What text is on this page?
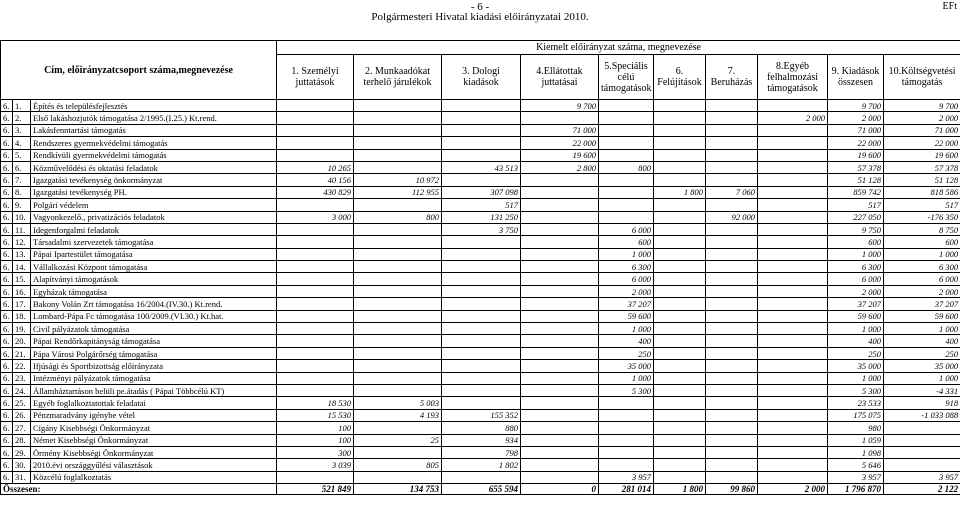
- 6 -
Polgármesteri Hivatal kiadási előirányzatai 2010.
EFt
Cím, előirányzatcsoport száma,megnevezése			Kiemelt előirányzat száma, megnevezése									
			1. Személyi juttatások	2. Munkaadókat terhelő járulékok	3. Dologi kiadások	4.Ellátottak juttatásai	5.Speciális célú támogatások	6. Felújítások	7. Beruházás	8.Egyéb felhalmozási támogatások	9. Kiadások összesen	10.Költségvetési támogatás
6.	1.	Építés és településfejlesztés				9 700					9 700	9 700
6.	2.	Első lakáshozjutók támogatása 2/1995.(I.25.) Kt.rend.								2 000	2 000	2 000
6.	3.	Lakásfenntartási támogatás				71 000					71 000	71 000
6.	4.	Rendszeres gyermekvédelmi támogatás				22 000					22 000	22 000
6.	5.	Rendkívüli gyermekvédelmi támogatás				19 600					19 600	19 600
6.	6.	Közművelődési és oktatási feladatok	10 265		43 513	2 800	800				57 378	57 378
6.	7.	Igazgatási tevékenység önkormányzat	40 156	10 972							51 128	51 128
6.	8.	Igazgatási tevékenység PH.	430 829	112 955	307 098			1 800	7 060		859 742	818 586
6.	9.	Polgári védelem			517						517	517
6.	10.	Vagyonkezelő., privatizációs feladatok	3 000	800	131 250				92 000		227 050	-176 350
6.	11.	Idegenforgalmi feladatok			3 750		6 000				9 750	8 750
6.	12.	Társadalmi szervezetek támogatása					600				600	600
6.	13.	Pápai Ipartestület támogatása					1 000				1 000	1 000
6.	14.	Vállalkozási Központ támogatása					6 300				6 300	6 300
6.	15.	Alapítványi támogatások					6 000				6 000	6 000
6.	16.	Egyházak támogatása					2 000				2 000	2 000
6.	17.	Bakony Volán Zrt támogatása 16/2004.(IV.30.) Kt.rend.					37 207				37 207	37 207
6.	18.	Lombard-Pápa Fc támogatása 100/2009.(VI.30.) Kt.hat.					59 600				59 600	59 600
6.	19.	Civil pályázatok támogatása					1 000				1 000	1 000
6.	20.	Pápai Rendőrkapitányság támogatása					400				400	400
6.	21.	Pápa Városi Polgárőrség támogatása					250				250	250
6.	22.	Ifjúsági és Sportbizottság előirányzata					35 000				35 000	35 000
6.	23.	Intézményi pályázatok támogatása					1 000				1 000	1 000
6.	24.	Államháztartáson belüli pe.átadás ( Pápai Többcélú KT)					5 300				5 300	-4 331
6.	25.	Egyéb foglalkoztatottak feladatai	18 530	5 003							23 533	918
6.	26.	Pénzmaradvány igénybe vétel	15 530	4 193	155 352						175 075	-1 033 088
6.	27.	Cigány Kisebbségi Önkormányzat	100		880						980	
6.	28.	Német Kisebbségi Önkormányzat	100	25	934						1 059	
6.	29.	Örmény Kisebbségi Önkormányzat	300		798						1 098	
6.	30.	2010.évi országgyűlési választások	3 039	805	1 802						5 646	
6.	31.	Közcélú foglalkoztatás					3 957				3 957	3 957
Összesen:			521 849	134 753	655 594	0	281 014	1 800	99 860	2 000	1 796 870	2 122
